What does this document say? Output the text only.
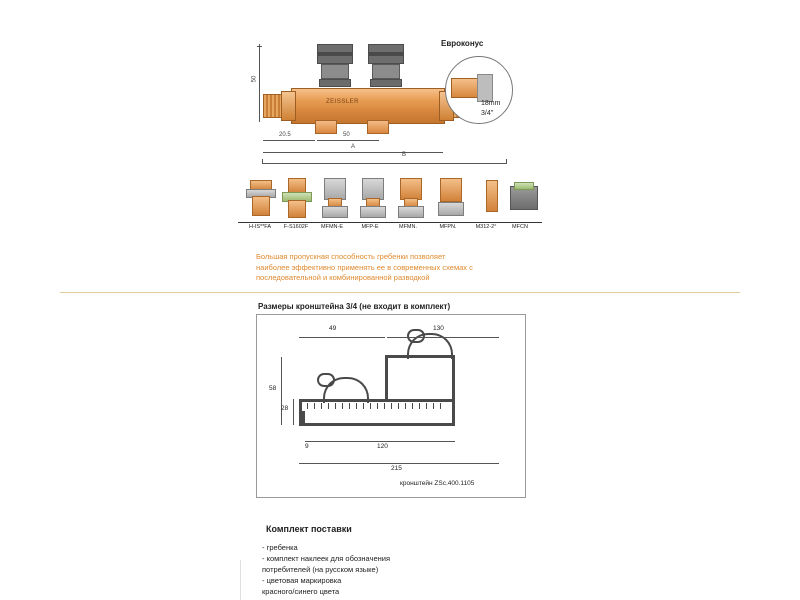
ZEISSLER
50
20.5	50
A
B
Евроконус
18mm
3/4"
H-IS**FA	F-S1602F	MFMN-E	MFP-E	MFMN.	MFPN.	M312-2°	MFCN
Большая пропускная способность гребенки позволяет
наиболее эффективно применять ее в современных схемах с
последовательной и комбинированной разводкой
Размеры кронштейна 3/4 (не входит в комплект)
49	130
9	120
215
58
28
кронштейн ZSc.400.1105
Комплект поставки
- гребенка
- комплект наклеек для обозначения
потребителей (на русском языке)
- цветовая маркировка
красного/синего цвета
